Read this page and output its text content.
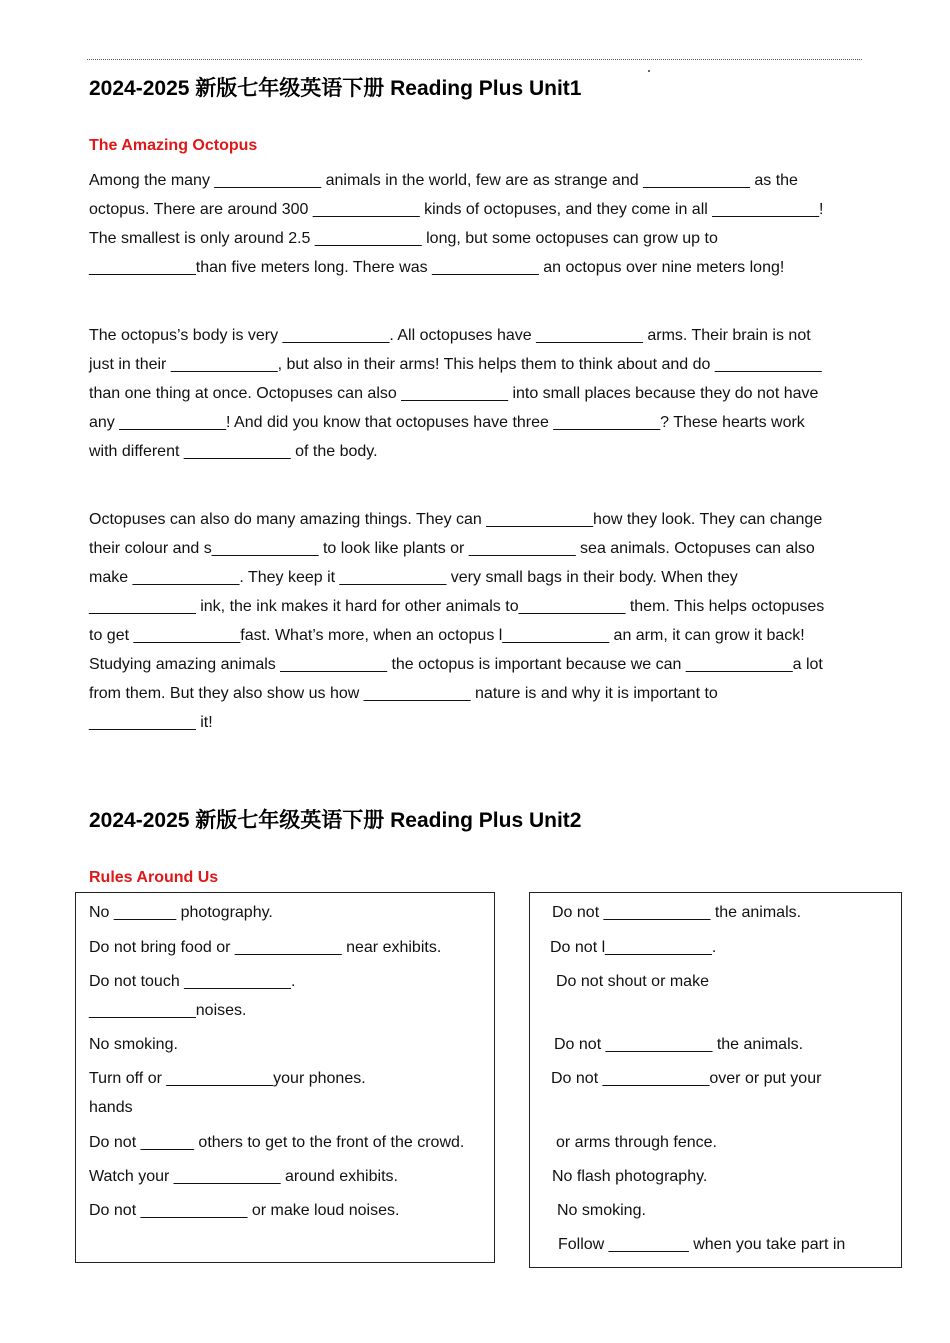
2024-2025 新版七年级英语下册 Reading Plus Unit1
The Amazing Octopus
Among the many ____________ animals in the world, few are as strange and ____________ as the
octopus. There are around 300 ____________ kinds of octopuses, and they come in all ____________!
The smallest is only around 2.5 ____________ long, but some octopuses can grow up to
____________than five meters long. There was ____________ an octopus over nine meters long!
The octopus’s body is very ____________. All octopuses have ____________ arms. Their brain is not
just in their ____________, but also in their arms! This helps them to think about and do ____________
than one thing at once. Octopuses can also ____________ into small places because they do not have
any ____________! And did you know that octopuses have three ____________? These hearts work
with different ____________ of the body.
Octopuses can also do many amazing things. They can ____________how they look. They can change
their colour and s____________ to look like plants or ____________ sea animals. Octopuses can also
make ____________. They keep it ____________ very small bags in their body. When they
____________ ink, the ink makes it hard for other animals to____________ them. This helps octopuses
to get ____________fast. What’s more, when an octopus l____________ an arm, it can grow it back!
Studying amazing animals ____________ the octopus is important because we can ____________a lot
from them. But they also show us how ____________ nature is and why it is important to
____________ it!
2024-2025 新版七年级英语下册 Reading Plus Unit2
Rules Around Us
No _______ photography.
Do not bring food or ____________ near exhibits.
Do not touch ____________.
____________noises.
No smoking.
Turn off or ____________your phones.
hands
Do not ______ others to get to the front of the crowd.
Watch your ____________ around exhibits.
Do not ____________ or make loud noises.
Do not ____________ the animals.
Do not l____________.
Do not shout or make
Do not ____________ the animals.
Do not ____________over or put your
or arms through fence.
No flash photography.
No smoking.
Follow _________ when you take part in
